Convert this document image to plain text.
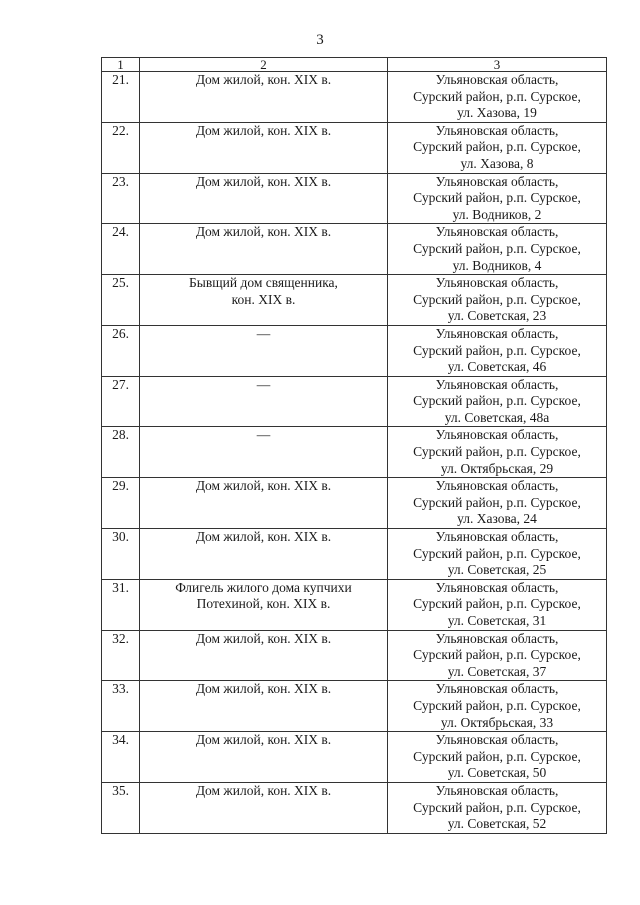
3
1	2	3
21.	Дом жилой, кон. XIX в.	Ульяновская область,
Сурский район, р.п. Сурское,
ул. Хазова, 19

22.	Дом жилой, кон. XIX в.	Ульяновская область,
Сурский район, р.п. Сурское,
ул. Хазова, 8

23.	Дом жилой, кон. XIX в.	Ульяновская область,
Сурский район, р.п. Сурское,
ул. Водников, 2

24.	Дом жилой, кон. XIX в.	Ульяновская область,
Сурский район, р.п. Сурское,
ул. Водников, 4

25.	Бывщий дом священника,
кон. XIX в.	Ульяновская область,
Сурский район, р.п. Сурское,
ул. Советская, 23

26.	—	Ульяновская область,
Сурский район, р.п. Сурское,
ул. Советская, 46

27.	—	Ульяновская область,
Сурский район, р.п. Сурское,
ул. Советская, 48а

28.	—	Ульяновская область,
Сурский район, р.п. Сурское,
ул. Октябрьская, 29

29.	Дом жилой, кон. XIX в.	Ульяновская область,
Сурский район, р.п. Сурское,
ул. Хазова, 24

30.	Дом жилой, кон. XIX в.	Ульяновская область,
Сурский район, р.п. Сурское,
ул. Советская, 25

31.	Флигель жилого дома купчихи
Потехиной, кон. XIX в.	Ульяновская область,
Сурский район, р.п. Сурское,
ул. Советская, 31

32.	Дом жилой, кон. XIX в.	Ульяновская область,
Сурский район, р.п. Сурское,
ул. Советская, 37

33.	Дом жилой, кон. XIX в.	Ульяновская область,
Сурский район, р.п. Сурское,
ул. Октябрьская, 33

34.	Дом жилой, кон. XIX в.	Ульяновская область,
Сурский район, р.п. Сурское,
ул. Советская, 50

35.	Дом жилой, кон. XIX в.	Ульяновская область,
Сурский район, р.п. Сурское,
ул. Советская, 52
